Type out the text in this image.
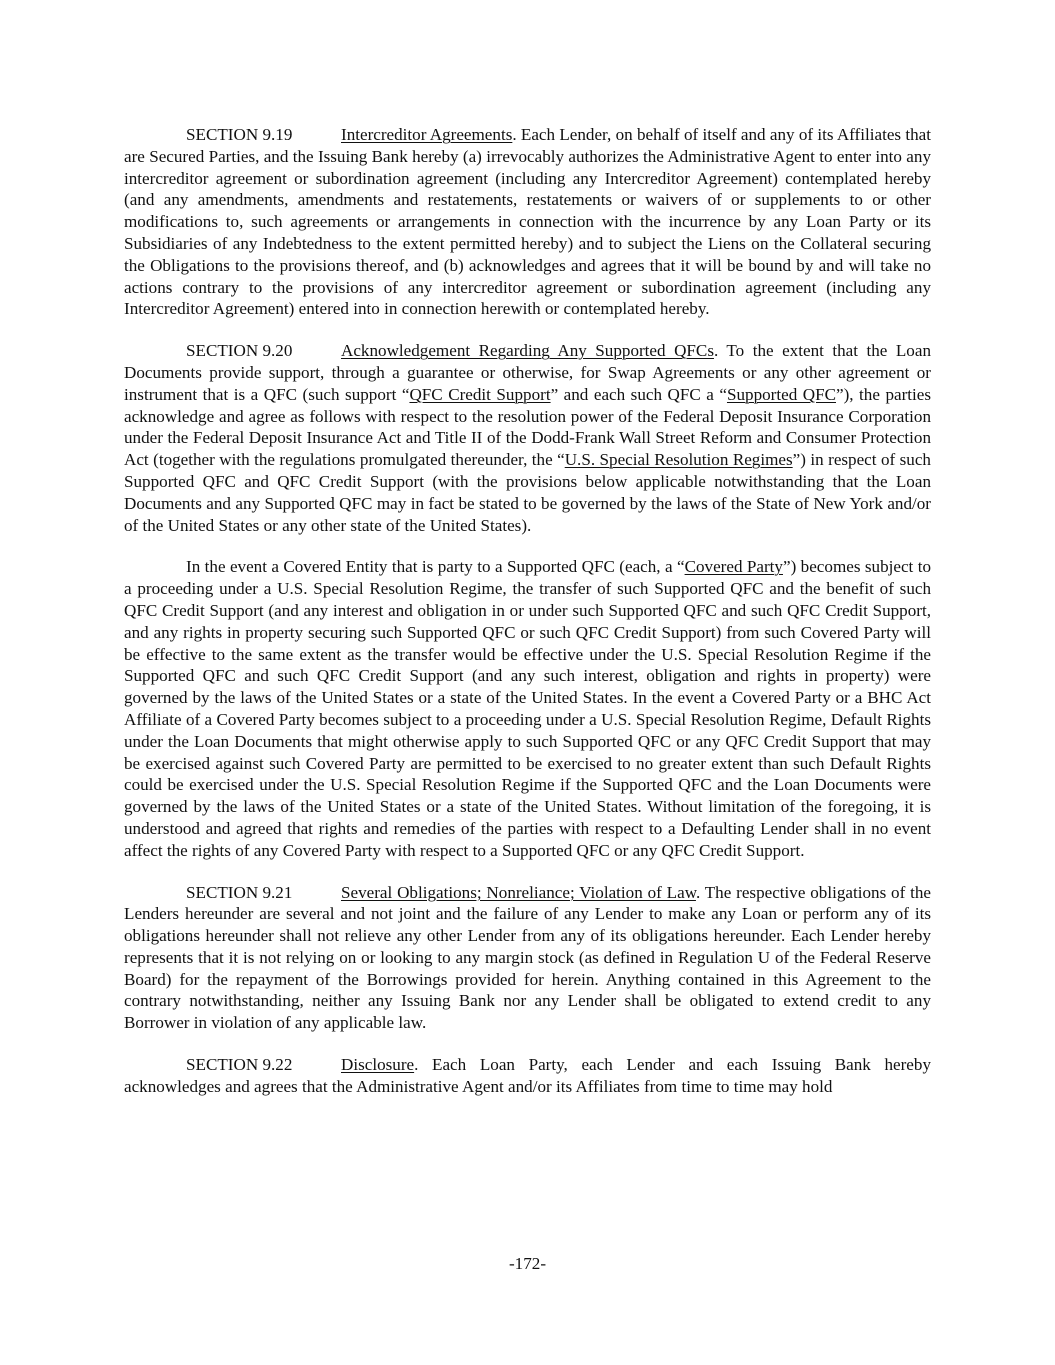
SECTION 9.19	Intercreditor Agreements. Each Lender, on behalf of itself and any of its Affiliates that are Secured Parties, and the Issuing Bank hereby (a) irrevocably authorizes the Administrative Agent to enter into any intercreditor agreement or subordination agreement (including any Intercreditor Agreement) contemplated hereby (and any amendments, amendments and restatements, restatements or waivers of or supplements to or other modifications to, such agreements or arrangements in connection with the incurrence by any Loan Party or its Subsidiaries of any Indebtedness to the extent permitted hereby) and to subject the Liens on the Collateral securing the Obligations to the provisions thereof, and (b) acknowledges and agrees that it will be bound by and will take no actions contrary to the provisions of any intercreditor agreement or subordination agreement (including any Intercreditor Agreement) entered into in connection herewith or contemplated hereby.

SECTION 9.20	Acknowledgement Regarding Any Supported QFCs. To the extent that the Loan Documents provide support, through a guarantee or otherwise, for Swap Agreements or any other agreement or instrument that is a QFC (such support “QFC Credit Support” and each such QFC a “Supported QFC”), the parties acknowledge and agree as follows with respect to the resolution power of the Federal Deposit Insurance Corporation under the Federal Deposit Insurance Act and Title II of the Dodd-Frank Wall Street Reform and Consumer Protection Act (together with the regulations promulgated thereunder, the “U.S. Special Resolution Regimes”) in respect of such Supported QFC and QFC Credit Support (with the provisions below applicable notwithstanding that the Loan Documents and any Supported QFC may in fact be stated to be governed by the laws of the State of New York and/or of the United States or any other state of the United States).

In the event a Covered Entity that is party to a Supported QFC (each, a “Covered Party”) becomes subject to a proceeding under a U.S. Special Resolution Regime, the transfer of such Supported QFC and the benefit of such QFC Credit Support (and any interest and obligation in or under such Supported QFC and such QFC Credit Support, and any rights in property securing such Supported QFC or such QFC Credit Support) from such Covered Party will be effective to the same extent as the transfer would be effective under the U.S. Special Resolution Regime if the Supported QFC and such QFC Credit Support (and any such interest, obligation and rights in property) were governed by the laws of the United States or a state of the United States. In the event a Covered Party or a BHC Act Affiliate of a Covered Party becomes subject to a proceeding under a U.S. Special Resolution Regime, Default Rights under the Loan Documents that might otherwise apply to such Supported QFC or any QFC Credit Support that may be exercised against such Covered Party are permitted to be exercised to no greater extent than such Default Rights could be exercised under the U.S. Special Resolution Regime if the Supported QFC and the Loan Documents were governed by the laws of the United States or a state of the United States. Without limitation of the foregoing, it is understood and agreed that rights and remedies of the parties with respect to a Defaulting Lender shall in no event affect the rights of any Covered Party with respect to a Supported QFC or any QFC Credit Support.

SECTION 9.21	Several Obligations; Nonreliance; Violation of Law. The respective obligations of the Lenders hereunder are several and not joint and the failure of any Lender to make any Loan or perform any of its obligations hereunder shall not relieve any other Lender from any of its obligations hereunder. Each Lender hereby represents that it is not relying on or looking to any margin stock (as defined in Regulation U of the Federal Reserve Board) for the repayment of the Borrowings provided for herein. Anything contained in this Agreement to the contrary notwithstanding, neither any Issuing Bank nor any Lender shall be obligated to extend credit to any Borrower in violation of any applicable law.

SECTION 9.22	Disclosure. Each Loan Party, each Lender and each Issuing Bank hereby acknowledges and agrees that the Administrative Agent and/or its Affiliates from time to time may hold

-172-
